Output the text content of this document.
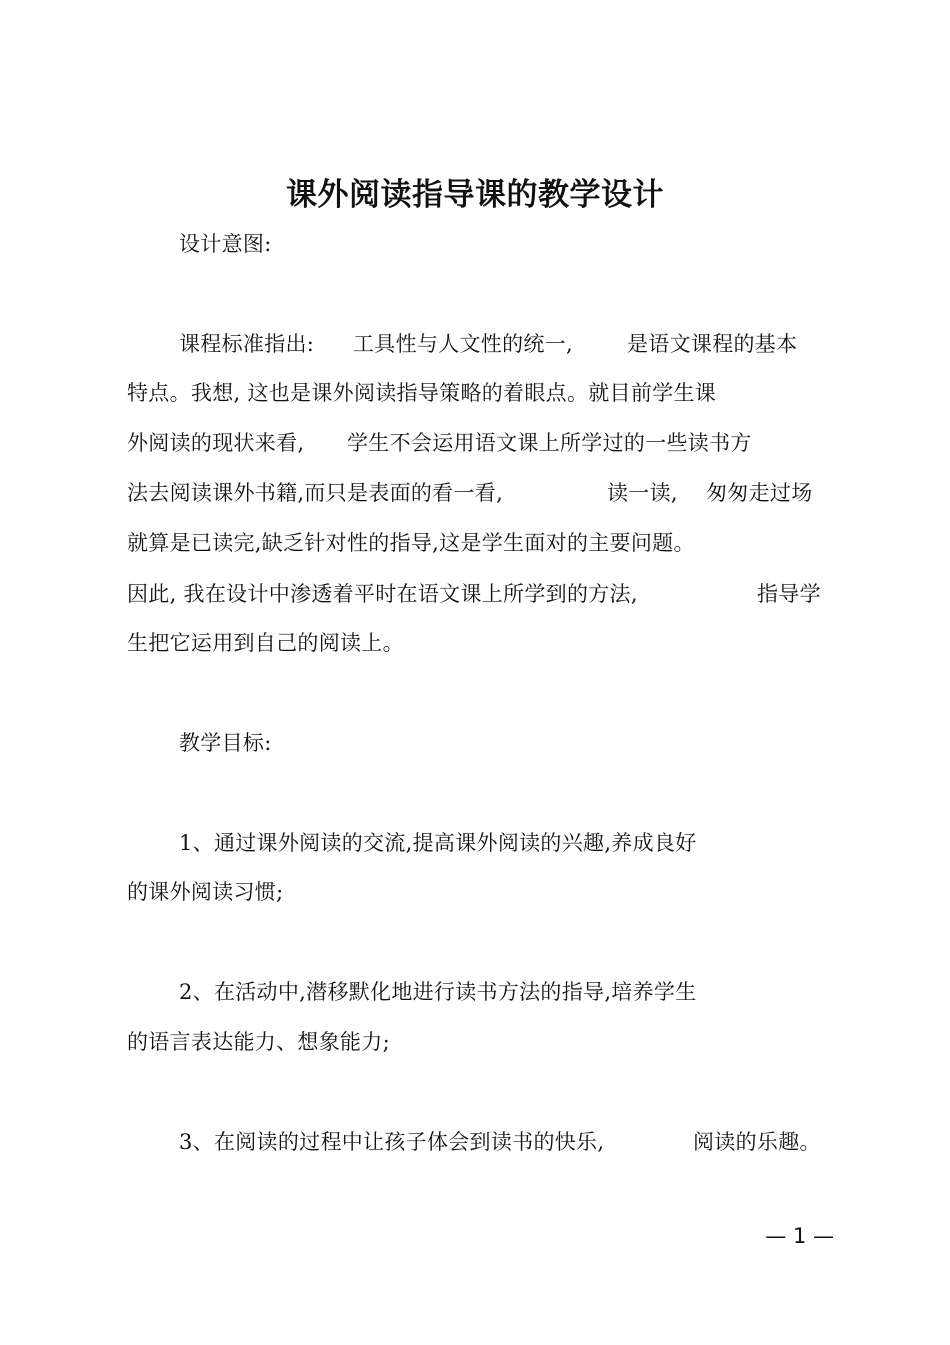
课外阅读指导课的教学设计
设计意图:
课程标准指出: 工具性与人文性的统一,	是语文课程的基本
特点。我想, 这也是课外阅读指导策略的着眼点。就目前学生课
外阅读的现状来看, 学生不会运用语文课上所学过的一些读书方
法去阅读课外书籍,而只是表面的看一看,	读一读, 匆匆走过场
就算是已读完,缺乏针对性的指导,这是学生面对的主要问题。
因此, 我在设计中渗透着平时在语文课上所学到的方法,	指导学
生把它运用到自己的阅读上。
教学目标:
1、通过课外阅读的交流,提高课外阅读的兴趣,养成良好
的课外阅读习惯;
2、在活动中,潜移默化地进行读书方法的指导,培养学生
的语言表达能力、想象能力;
3、在阅读的过程中让孩子体会到读书的快乐,	阅读的乐趣。
— 1 —
